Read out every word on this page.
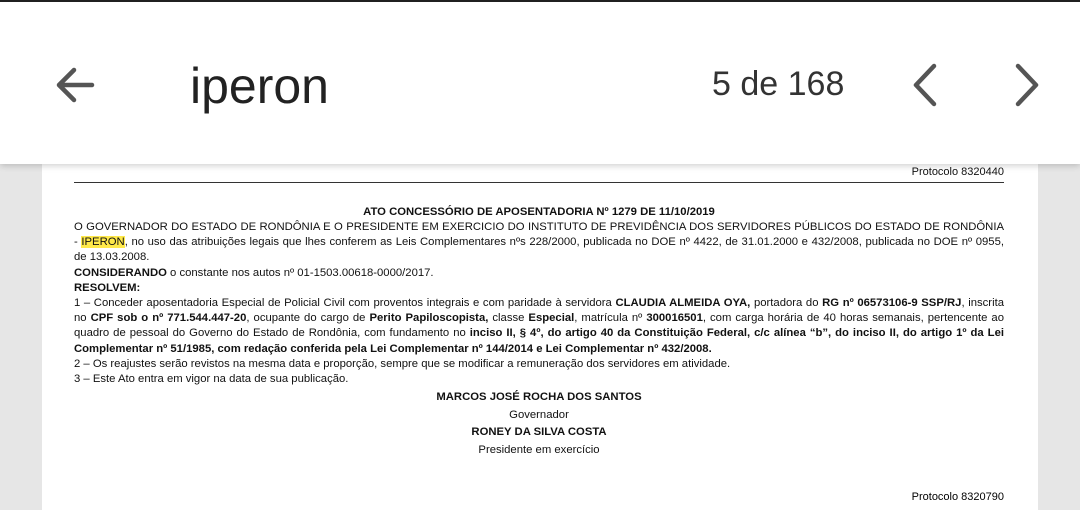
iperon	5 de 168
Protocolo 8320440
ATO CONCESSÓRIO DE APOSENTADORIA Nº 1279 DE 11/10/2019

O GOVERNADOR DO ESTADO DE RONDÔNIA E O PRESIDENTE EM EXERCICIO DO INSTITUTO DE PREVIDÊNCIA DOS SERVIDORES PÚBLICOS DO ESTADO DE RONDÔNIA - IPERON, no uso das atribuições legais que lhes conferem as Leis Complementares nºs 228/2000, publicada no DOE nº 4422, de 31.01.2000 e 432/2008, publicada no DOE nº 0955, de 13.03.2008.

CONSIDERANDO o constante nos autos nº 01-1503.00618-0000/2017.

RESOLVEM:

1 – Conceder aposentadoria Especial de Policial Civil com proventos integrais e com paridade à servidora CLAUDIA ALMEIDA OYA, portadora do RG nº 06573106-9 SSP/RJ, inscrita no CPF sob o nº 771.544.447-20, ocupante do cargo de Perito Papiloscopista, classe Especial, matrícula nº 300016501, com carga horária de 40 horas semanais, pertencente ao quadro de pessoal do Governo do Estado de Rondônia, com fundamento no inciso II, § 4º, do artigo 40 da Constituição Federal, c/c alínea “b”, do inciso II, do artigo 1º da Lei Complementar nº 51/1985, com redação conferida pela Lei Complementar nº 144/2014 e Lei Complementar nº 432/2008.

2 – Os reajustes serão revistos na mesma data e proporção, sempre que se modificar a remuneração dos servidores em atividade.

3 – Este Ato entra em vigor na data de sua publicação.

MARCOS JOSÉ ROCHA DOS SANTOS
Governador
RONEY DA SILVA COSTA
Presidente em exercício
Protocolo 8320790
